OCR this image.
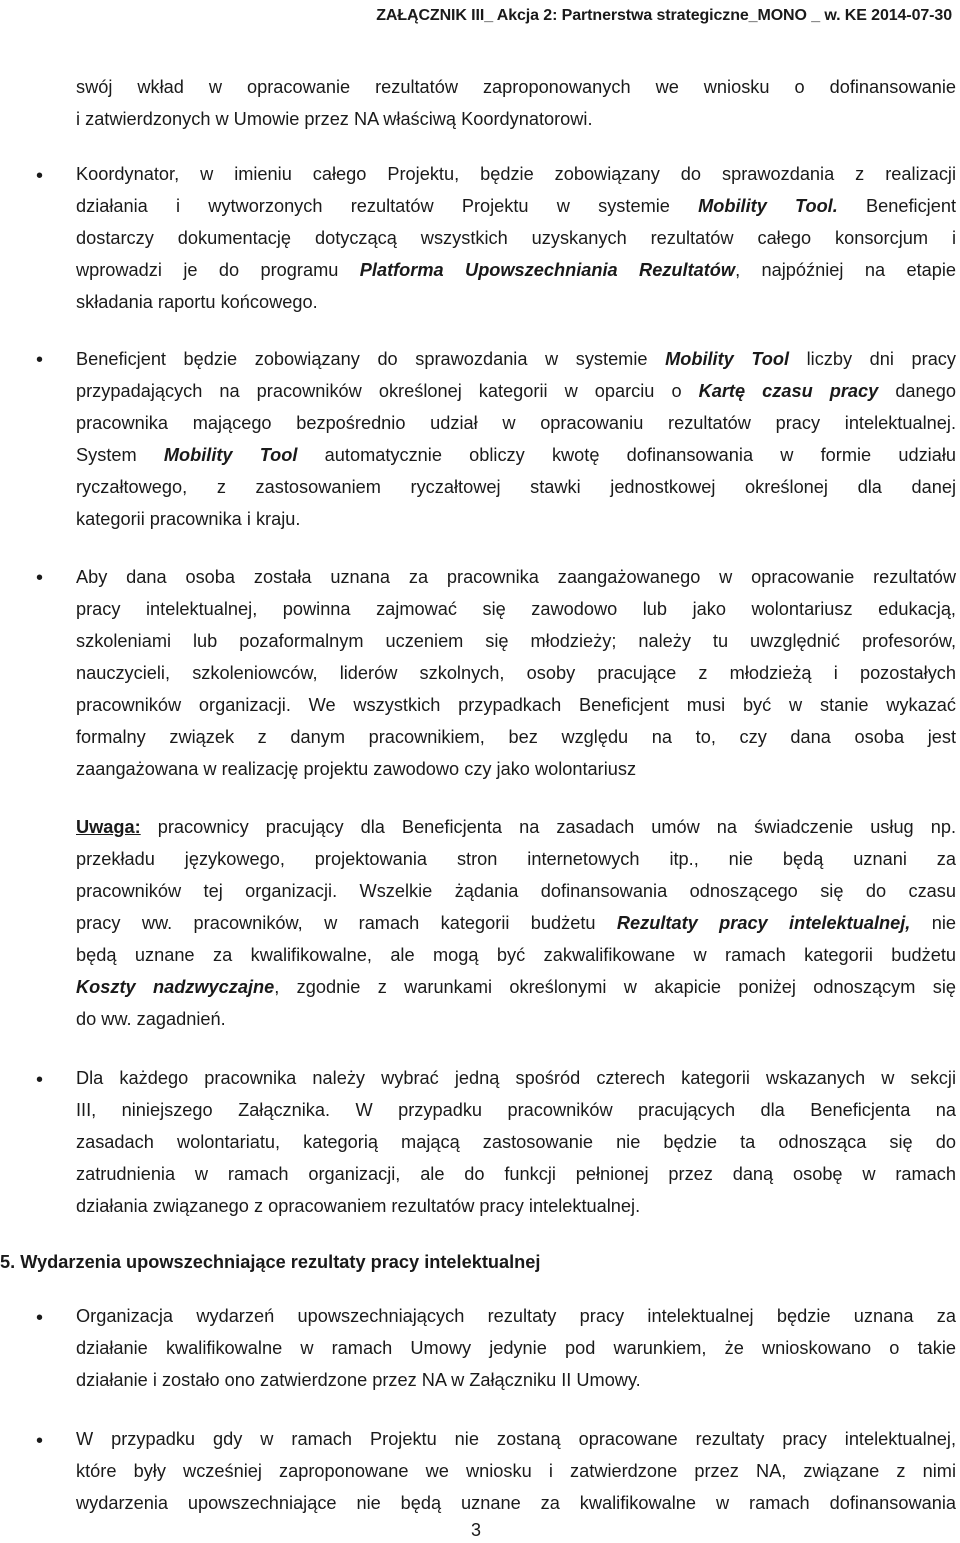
ZAŁĄCZNIK III_ Akcja 2: Partnerstwa strategiczne_MONO _ w. KE 2014-07-30
swój wkład w opracowanie rezultatów zaproponowanych we wniosku o dofinansowanie
i zatwierdzonych w Umowie przez NA właściwą Koordynatorowi.
• Koordynator, w imieniu całego Projektu, będzie zobowiązany do sprawozdania z realizacji
działania i wytworzonych rezultatów Projektu w systemie Mobility Tool. Beneficjent
dostarczy dokumentację dotyczącą wszystkich uzyskanych rezultatów całego konsorcjum i
wprowadzi je do programu Platforma Upowszechniania Rezultatów, najpóźniej na etapie
składania raportu końcowego.
• Beneficjent będzie zobowiązany do sprawozdania w systemie Mobility Tool liczby dni pracy
przypadających na pracowników określonej kategorii w oparciu o Kartę czasu pracy danego
pracownika mającego bezpośrednio udział w opracowaniu rezultatów pracy intelektualnej.
System Mobility Tool automatycznie obliczy kwotę dofinansowania w formie udziału
ryczałtowego, z zastosowaniem ryczałtowej stawki jednostkowej określonej dla danej
kategorii pracownika i kraju.
• Aby dana osoba została uznana za pracownika zaangażowanego w opracowanie rezultatów
pracy intelektualnej, powinna zajmować się zawodowo lub jako wolontariusz edukacją,
szkoleniami lub pozaformalnym uczeniem się młodzieży; należy tu uwzględnić profesorów,
nauczycieli, szkoleniowców, liderów szkolnych, osoby pracujące z młodzieżą i pozostałych
pracowników organizacji. We wszystkich przypadkach Beneficjent musi być w stanie wykazać
formalny związek z danym pracownikiem, bez względu na to, czy dana osoba jest
zaangażowana w realizację projektu zawodowo czy jako wolontariusz
Uwaga: pracownicy pracujący dla Beneficjenta na zasadach umów na świadczenie usług np.
przekładu językowego, projektowania stron internetowych itp., nie będą uznani za
pracowników tej organizacji. Wszelkie żądania dofinansowania odnoszącego się do czasu
pracy ww. pracowników, w ramach kategorii budżetu Rezultaty pracy intelektualnej, nie
będą uznane za kwalifikowalne, ale mogą być zakwalifikowane w ramach kategorii budżetu
Koszty nadzwyczajne, zgodnie z warunkami określonymi w akapicie poniżej odnoszącym się
do ww. zagadnień.
• Dla każdego pracownika należy wybrać jedną spośród czterech kategorii wskazanych w sekcji
III, niniejszego Załącznika. W przypadku pracowników pracujących dla Beneficjenta na
zasadach wolontariatu, kategorią mającą zastosowanie nie będzie ta odnosząca się do
zatrudnienia w ramach organizacji, ale do funkcji pełnionej przez daną osobę w ramach
działania związanego z opracowaniem rezultatów pracy intelektualnej.
5. Wydarzenia upowszechniające rezultaty pracy intelektualnej
• Organizacja wydarzeń upowszechniających rezultaty pracy intelektualnej będzie uznana za
działanie kwalifikowalne w ramach Umowy jedynie pod warunkiem, że wnioskowano o takie
działanie i zostało ono zatwierdzone przez NA w Załączniku II Umowy.
• W przypadku gdy w ramach Projektu nie zostaną opracowane rezultaty pracy intelektualnej,
które były wcześniej zaproponowane we wniosku i zatwierdzone przez NA, związane z nimi
wydarzenia upowszechniające nie będą uznane za kwalifikowalne w ramach dofinansowania
3
